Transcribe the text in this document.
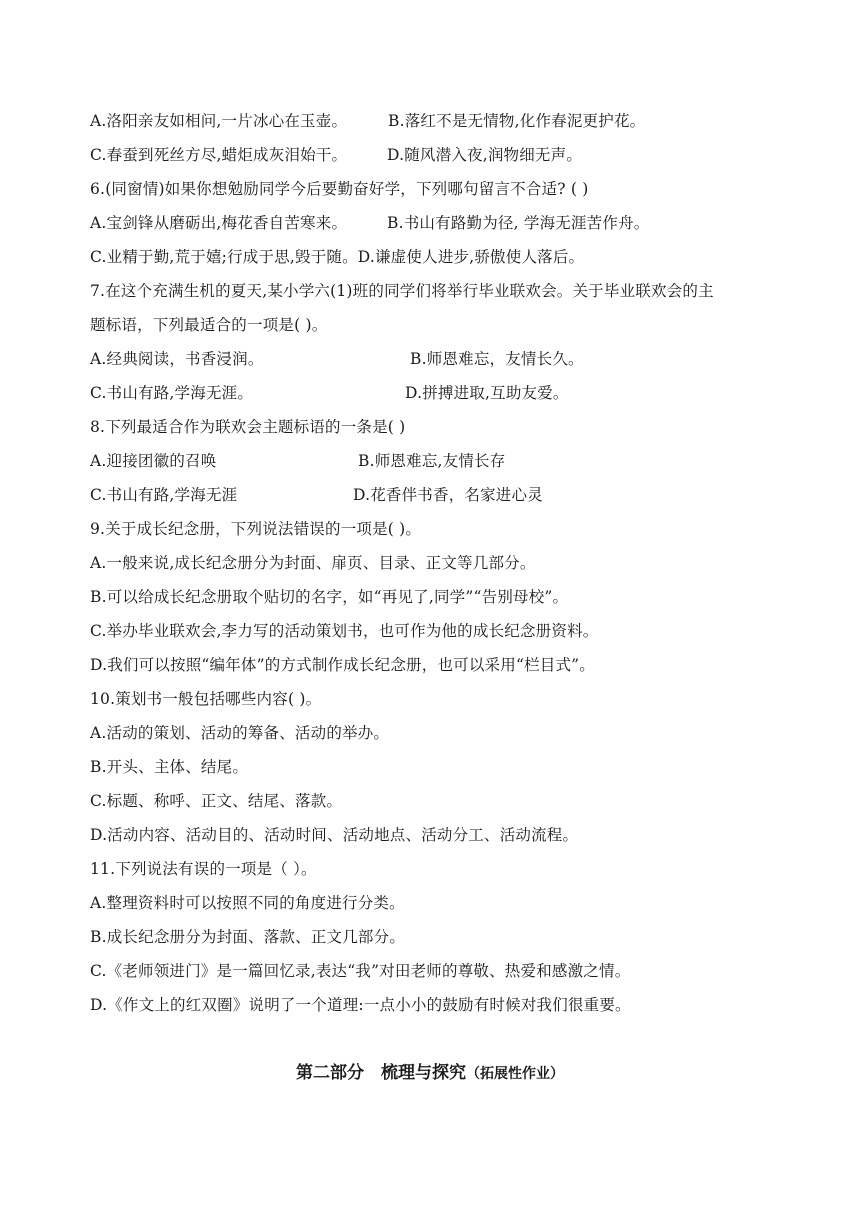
A.洛阳亲友如相问,一片冰心在玉壶。	B.落红不是无情物,化作春泥更护花。
C.春蚕到死丝方尽,蜡炬成灰泪始干。	D.随风潜入夜,润物细无声。
6.(同窗情)如果你想勉励同学今后要勤奋好学，下列哪句留言不合适? ( )
A.宝剑锋从磨砺出,梅花香自苦寒来。	B.书山有路勤为径, 学海无涯苦作舟。
C.业精于勤,荒于嬉;行成于思,毁于随。D.谦虚使人进步,骄傲使人落后。
7.在这个充满生机的夏天,某小学六(1)班的同学们将举行毕业联欢会。关于毕业联欢会的主
题标语，下列最适合的一项是( )。
A.经典阅读，书香浸润。	B.师恩难忘，友情长久。
C.书山有路,学海无涯。	D.拼搏进取,互助友爱。
8.下列最适合作为联欢会主题标语的一条是( )
A.迎接团徽的召唤	B.师恩难忘,友情长存
C.书山有路,学海无涯	D.花香伴书香，名家进心灵
9.关于成长纪念册，下列说法错误的一项是( )。
A.一般来说,成长纪念册分为封面、扉页、目录、正文等几部分。
B.可以给成长纪念册取个贴切的名字，如“再见了,同学”“告别母校”。
C.举办毕业联欢会,李力写的活动策划书，也可作为他的成长纪念册资料。
D.我们可以按照“编年体”的方式制作成长纪念册，也可以采用“栏目式”。
10.策划书一般包括哪些内容( )。
A.活动的策划、活动的筹备、活动的举办。
B.开头、主体、结尾。
C.标题、称呼、正文、结尾、落款。
D.活动内容、活动目的、活动时间、活动地点、活动分工、活动流程。
11.下列说法有误的一项是（ ）。
A.整理资料时可以按照不同的角度进行分类。
B.成长纪念册分为封面、落款、正文几部分。
C.《老师领进门》是一篇回忆录,表达“我”对田老师的尊敬、热爱和感激之情。
D.《作文上的红双圈》说明了一个道理:一点小小的鼓励有时候对我们很重要。
第二部分　梳理与探究（拓展性作业）
